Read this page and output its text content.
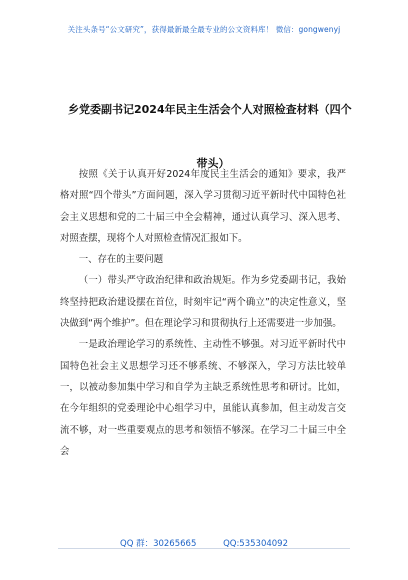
关注头条号“公文研究”，获得最新最全最专业的公文资料库！ 微信：gongwenyj
乡党委副书记2024年民主生活会个人对照检查材料（四个
带头）

按照《关于认真开好2024年度民主生活会的通知》要求，我严格对照“四个带头”方面问题，深入学习贯彻习近平新时代中国特色社会主义思想和党的二十届三中全会精神，通过认真学习、深入思考、对照查摆，现将个人对照检查情况汇报如下。

一、存在的主要问题

（一）带头严守政治纪律和政治规矩。作为乡党委副书记，我始终坚持把政治建设摆在首位，时刻牢记“两个确立”的决定性意义，坚决做到“两个维护”。但在理论学习和贯彻执行上还需要进一步加强。

一是政治理论学习的系统性、主动性不够强。对习近平新时代中国特色社会主义思想学习还不够系统、不够深入，学习方法比较单一，以被动参加集中学习和自学为主缺乏系统性思考和研讨。比如，在今年组织的党委理论中心组学习中，虽能认真参加，但主动发言交流不够，对一些重要观点的思考和领悟不够深。在学习二十届三中全会

QQ 群：30265665	QQ:535304092
